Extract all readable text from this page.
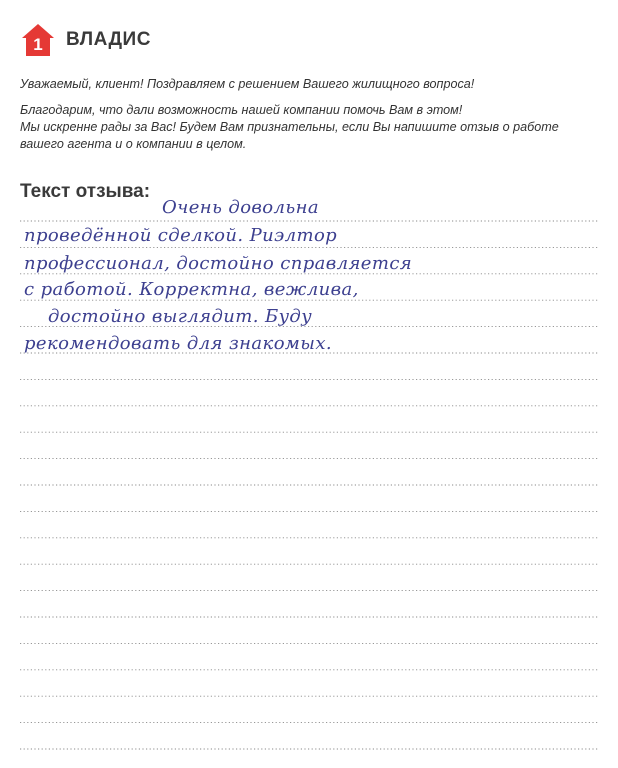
1 ВЛАДИС

Уважаемый, клиент! Поздравляем с решением Вашего жилищного вопроса!

Благодарим, что дали возможность нашей компании помочь Вам в этом!
Мы искренне рады за Вас! Будем Вам признательны, если Вы напишите отзыв о работе
вашего агента и о компании в целом.

Текст отзыва:
Очень довольна
проведённой сделкой. Риэлтор
профессионал, достойно справляется
с работой. Корректна, вежлива,
достойно выглядит. Буду
рекомендовать для знакомых.
